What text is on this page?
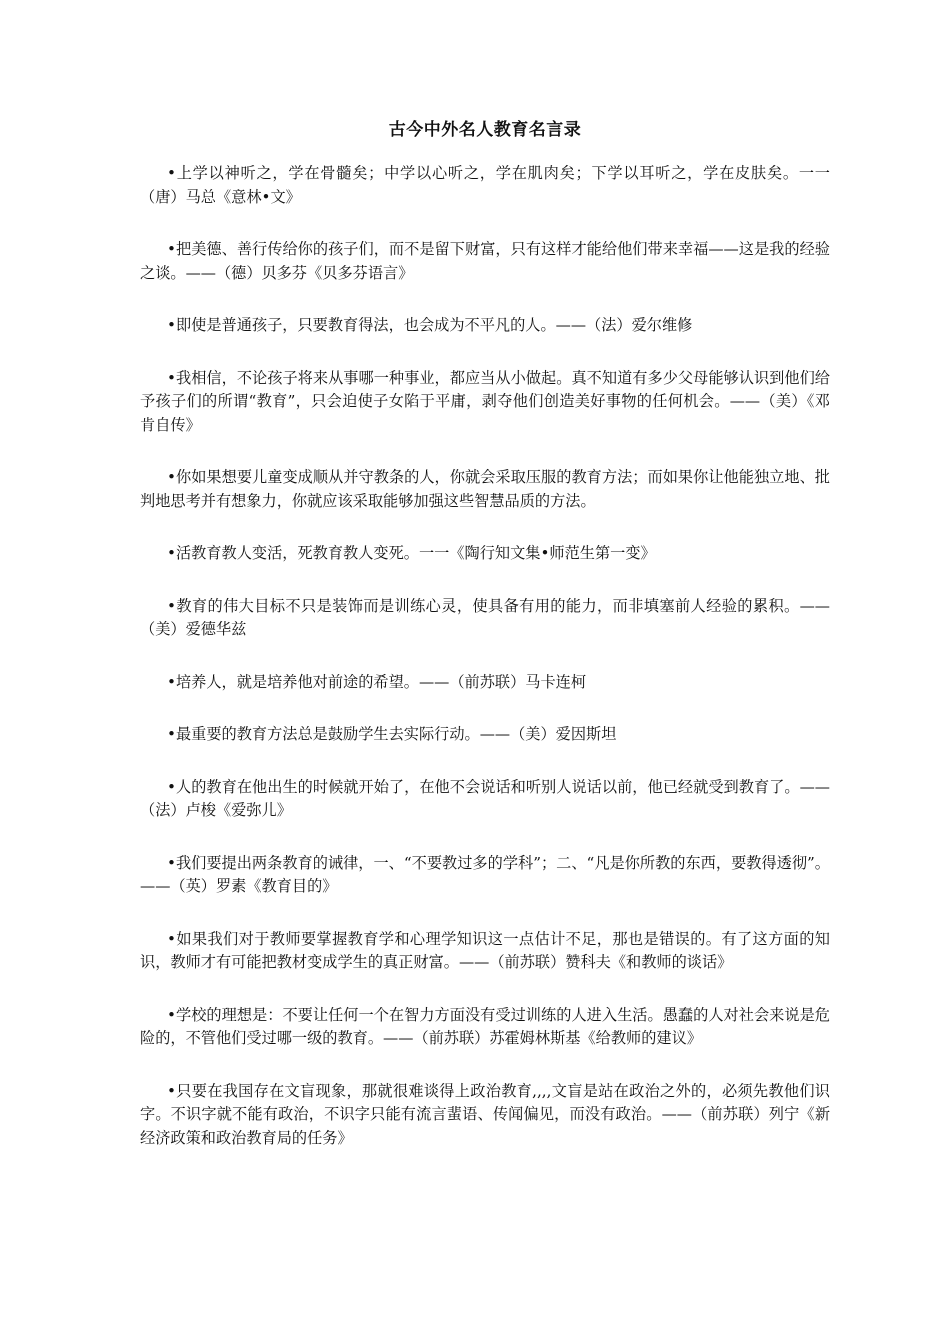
古今中外名人教育名言录

•上学以神听之，学在骨髓矣；中学以心听之，学在肌肉矣；下学以耳听之，学在皮肤矣。一一（唐）马总《意林•文》

•把美德、善行传给你的孩子们，而不是留下财富，只有这样才能给他们带来幸福——这是我的经验之谈。——（德）贝多芬《贝多芬语言》

•即使是普通孩子，只要教育得法，也会成为不平凡的人。——（法）爱尔维修

•我相信，不论孩子将来从事哪一种事业，都应当从小做起。真不知道有多少父母能够认识到他们给予孩子们的所谓“教育”，只会迫使子女陷于平庸，剥夺他们创造美好事物的任何机会。——（美）《邓肯自传》

•你如果想要儿童变成顺从并守教条的人，你就会采取压服的教育方法；而如果你让他能独立地、批判地思考并有想象力，你就应该采取能够加强这些智慧品质的方法。

•活教育教人变活，死教育教人变死。一一《陶行知文集•师范生第一变》

•教育的伟大目标不只是装饰而是训练心灵，使具备有用的能力，而非填塞前人经验的累积。——（美）爱德华兹

•培养人，就是培养他对前途的希望。——（前苏联）马卡连柯

•最重要的教育方法总是鼓励学生去实际行动。——（美）爱因斯坦

•人的教育在他出生的时候就开始了，在他不会说话和听别人说话以前，他已经就受到教育了。——（法）卢梭《爱弥儿》

•我们要提出两条教育的诫律，一、“不要教过多的学科”；二、“凡是你所教的东西，要教得透彻”。——（英）罗素《教育目的》

•如果我们对于教师要掌握教育学和心理学知识这一点估计不足，那也是错误的。有了这方面的知识，教师才有可能把教材变成学生的真正财富。——（前苏联）赞科夫《和教师的谈话》

•学校的理想是：不要让任何一个在智力方面没有受过训练的人进入生活。愚蠢的人对社会来说是危险的，不管他们受过哪一级的教育。——（前苏联）苏霍姆林斯基《给教师的建议》

•只要在我国存在文盲现象，那就很难谈得上政治教育,,,,文盲是站在政治之外的，必须先教他们识字。不识字就不能有政治，不识字只能有流言蜚语、传闻偏见，而没有政治。——（前苏联）列宁《新经济政策和政治教育局的任务》
